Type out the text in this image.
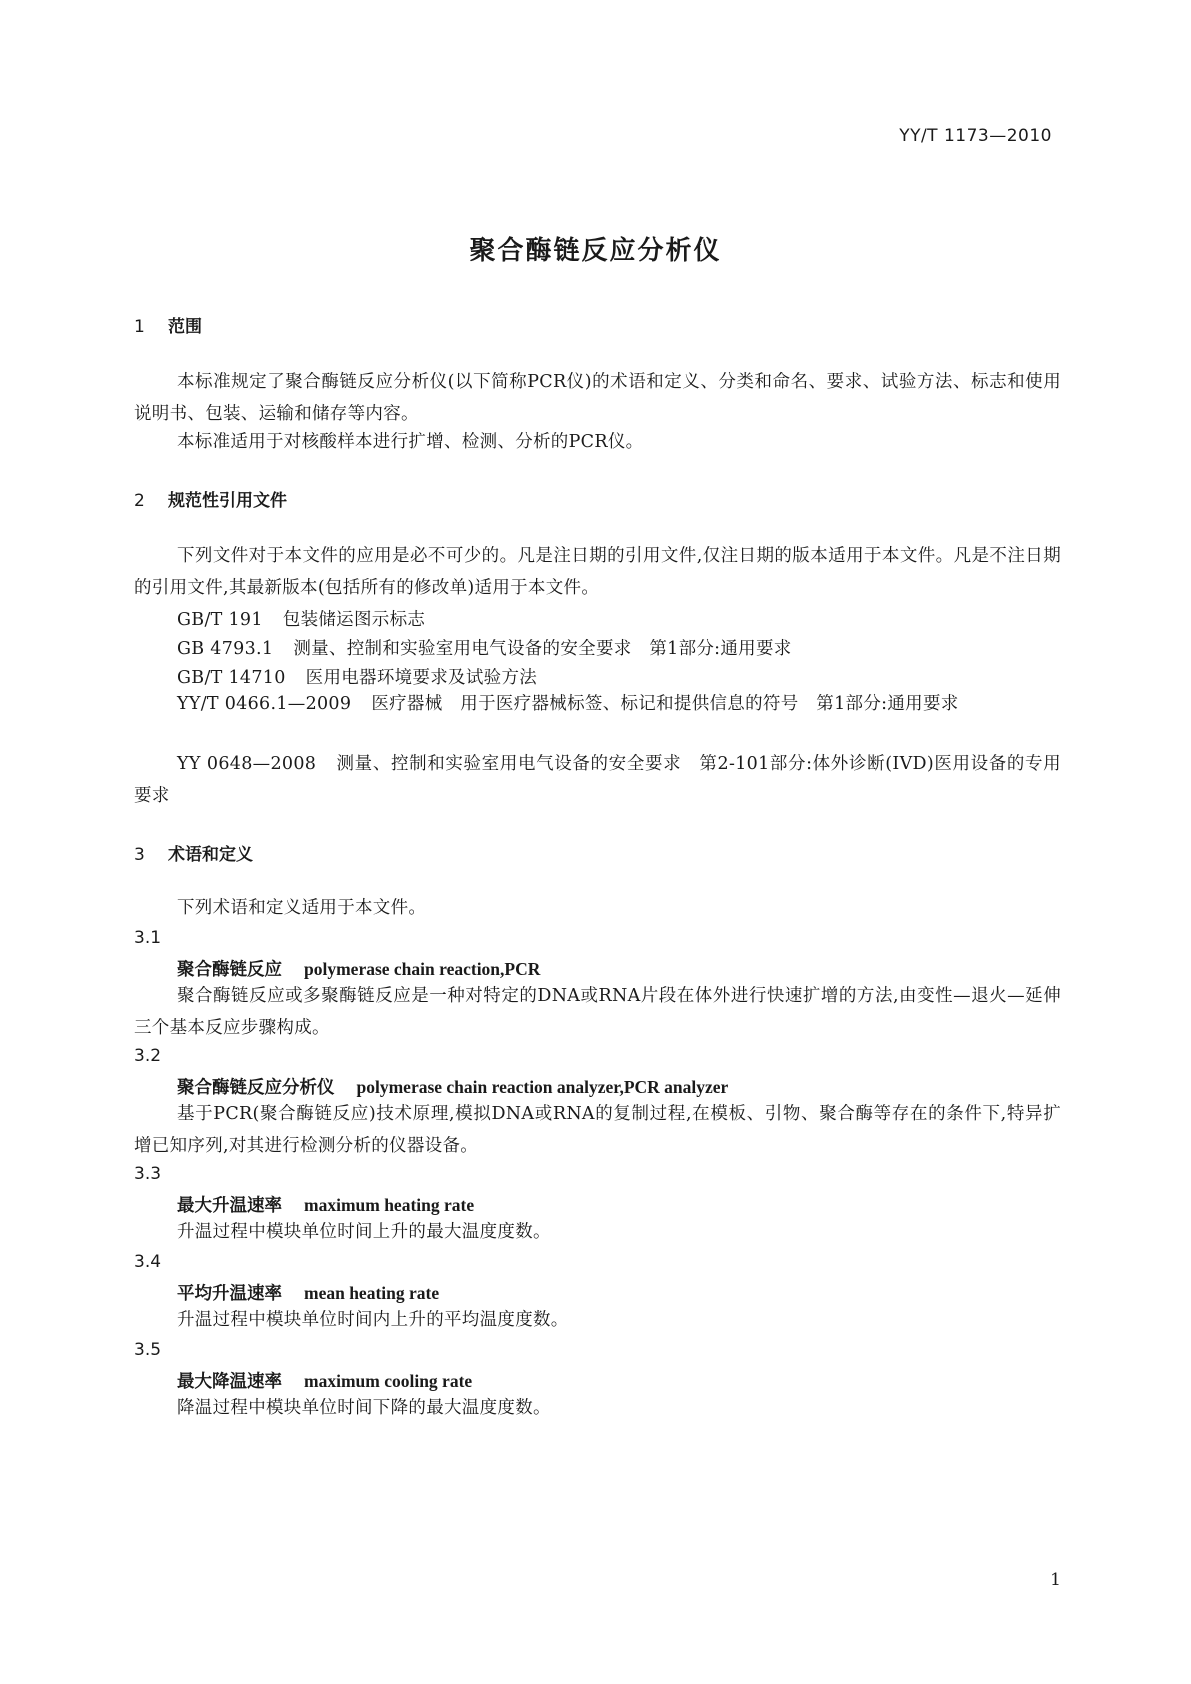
YY/T 1173—2010
聚合酶链反应分析仪
1 范围
本标准规定了聚合酶链反应分析仪(以下简称PCR仪)的术语和定义、分类和命名、要求、试验方法、标志和使用说明书、包装、运输和储存等内容。
本标准适用于对核酸样本进行扩增、检测、分析的PCR仪。
2 规范性引用文件
下列文件对于本文件的应用是必不可少的。凡是注日期的引用文件,仅注日期的版本适用于本文件。凡是不注日期的引用文件,其最新版本(包括所有的修改单)适用于本文件。
GB/T 191 包装储运图示标志
GB 4793.1 测量、控制和实验室用电气设备的安全要求　第1部分:通用要求
GB/T 14710 医用电器环境要求及试验方法
YY/T 0466.1—2009 医疗器械　用于医疗器械标签、标记和提供信息的符号　第1部分:通用要求
YY 0648—2008 测量、控制和实验室用电气设备的安全要求　第2-101部分:体外诊断(IVD)医用设备的专用要求
3 术语和定义
下列术语和定义适用于本文件。
3.1
聚合酶链反应 polymerase chain reaction,PCR
聚合酶链反应或多聚酶链反应是一种对特定的DNA或RNA片段在体外进行快速扩增的方法,由变性—退火—延伸三个基本反应步骤构成。
3.2
聚合酶链反应分析仪 polymerase chain reaction analyzer,PCR analyzer
基于PCR(聚合酶链反应)技术原理,模拟DNA或RNA的复制过程,在模板、引物、聚合酶等存在的条件下,特异扩增已知序列,对其进行检测分析的仪器设备。
3.3
最大升温速率 maximum heating rate
升温过程中模块单位时间上升的最大温度度数。
3.4
平均升温速率 mean heating rate
升温过程中模块单位时间内上升的平均温度度数。
3.5
最大降温速率 maximum cooling rate
降温过程中模块单位时间下降的最大温度度数。
1
